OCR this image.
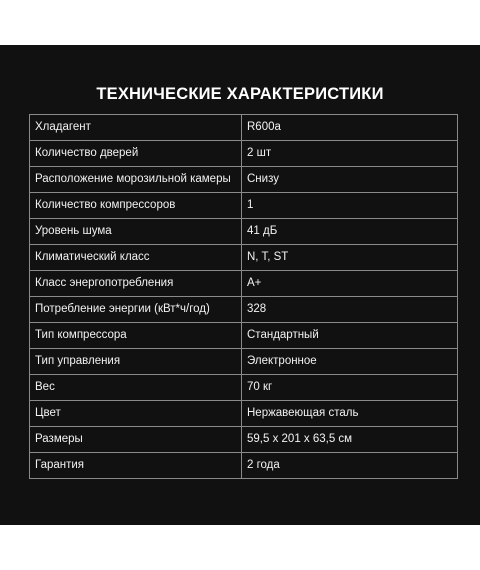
ТЕХНИЧЕСКИЕ ХАРАКТЕРИСТИКИ
Хладагент	R600a
Количество дверей	2 шт
Расположение морозильной камеры	Снизу
Количество компрессоров	1
Уровень шума	41 дБ
Климатический класс	N, T, ST
Класс энергопотребления	A+
Потребление энергии (кВт*ч/год)	328
Тип компрессора	Стандартный
Тип управления	Электронное
Вес	70 кг
Цвет	Нержавеющая сталь
Размеры	59,5 x 201 x 63,5 см
Гарантия	2 года
